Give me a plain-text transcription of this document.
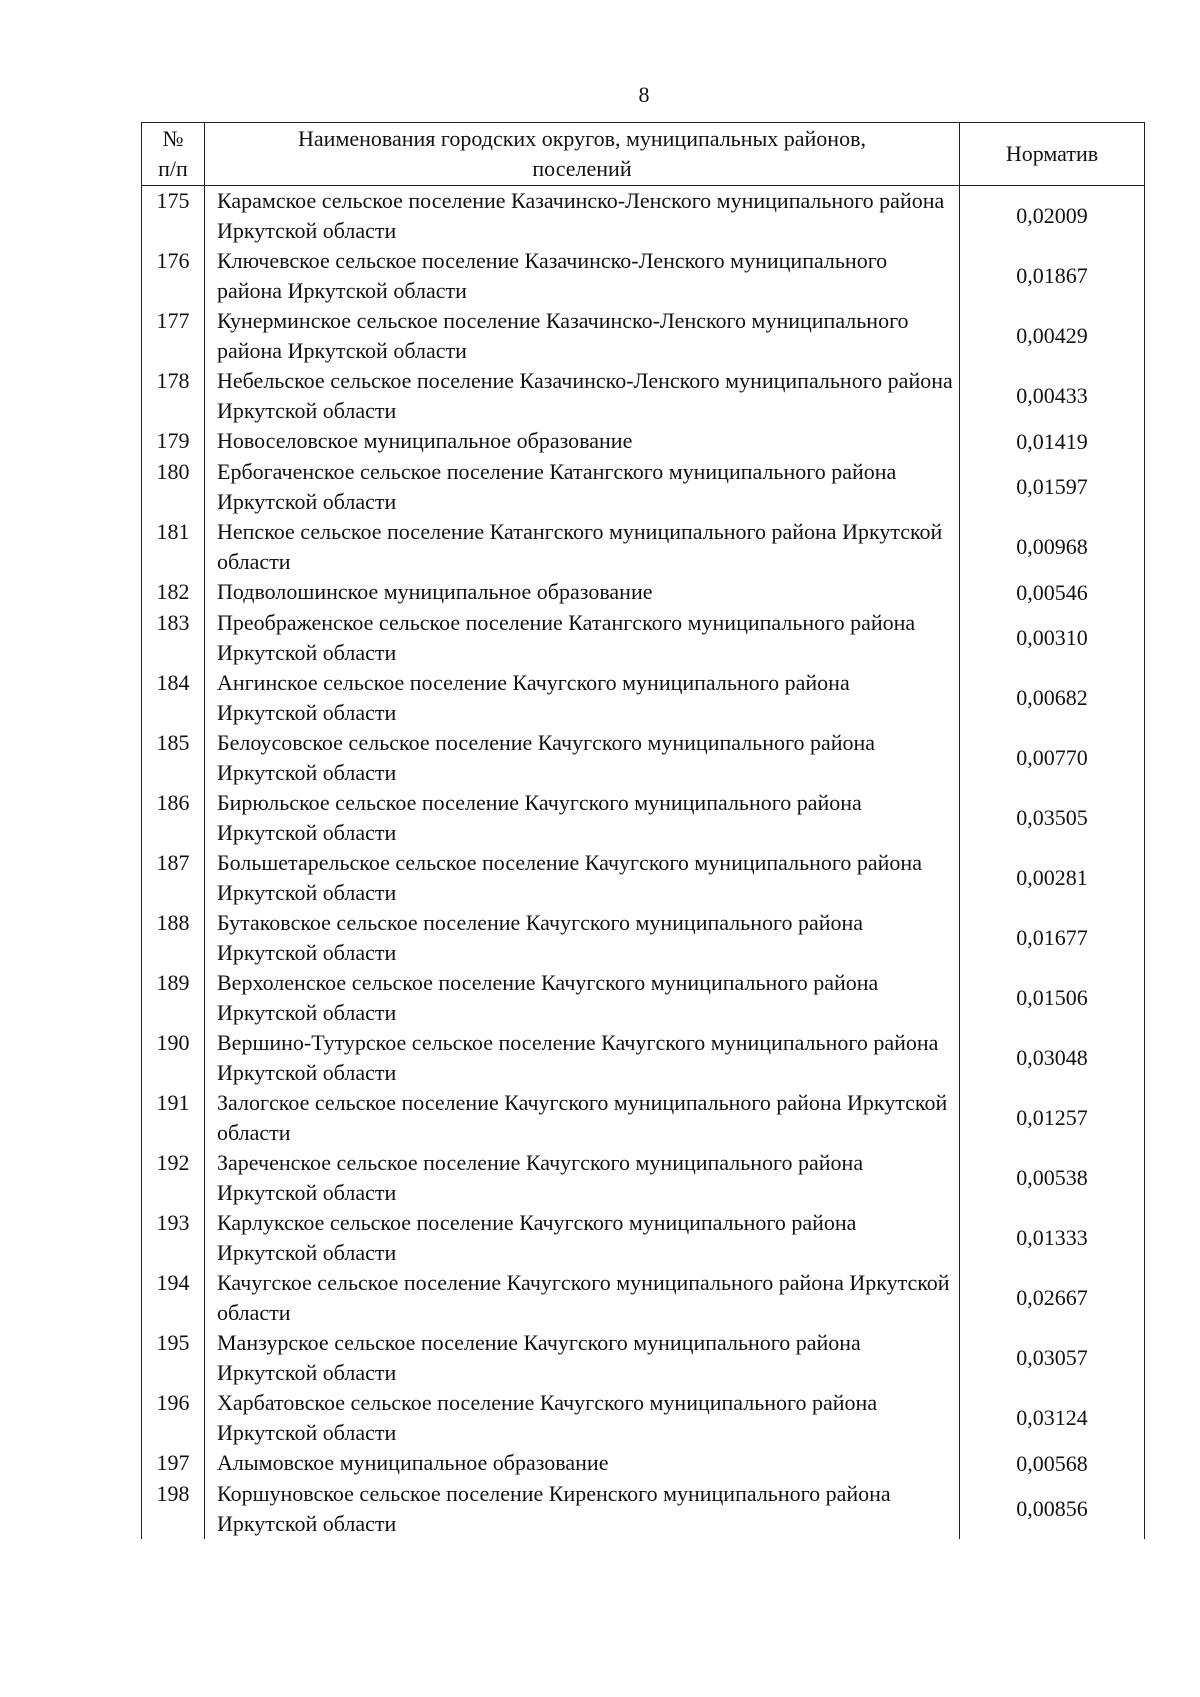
8
№
п/п	Наименования городских округов, муниципальных районов, поселений	Норматив
175	Карамское сельское поселение Казачинско-Ленского муниципального района Иркутской области	0,02009
176	Ключевское сельское поселение Казачинско-Ленского муниципального района Иркутской области	0,01867
177	Кунерминское сельское поселение Казачинско-Ленского муниципального района Иркутской области	0,00429
178	Небельское сельское поселение Казачинско-Ленского муниципального района Иркутской области	0,00433
179	Новоселовское муниципальное образование	0,01419
180	Ербогаченское сельское поселение Катангского муниципального района Иркутской области	0,01597
181	Непское сельское поселение Катангского муниципального района Иркутской области	0,00968
182	Подволошинское муниципальное образование	0,00546
183	Преображенское сельское поселение Катангского муниципального района Иркутской области	0,00310
184	Ангинское сельское поселение Качугского муниципального района Иркутской области	0,00682
185	Белоусовское сельское поселение Качугского муниципального района Иркутской области	0,00770
186	Бирюльское сельское поселение Качугского муниципального района Иркутской области	0,03505
187	Большетарельское сельское поселение Качугского муниципального района Иркутской области	0,00281
188	Бутаковское сельское поселение Качугского муниципального района Иркутской области	0,01677
189	Верхоленское сельское поселение Качугского муниципального района Иркутской области	0,01506
190	Вершино-Тутурское сельское поселение Качугского муниципального района Иркутской области	0,03048
191	Залогское сельское поселение Качугского муниципального района Иркутской области	0,01257
192	Зареченское сельское поселение Качугского муниципального района Иркутской области	0,00538
193	Карлукское сельское поселение Качугского муниципального района Иркутской области	0,01333
194	Качугское сельское поселение Качугского муниципального района Иркутской области	0,02667
195	Манзурское сельское поселение Качугского муниципального района Иркутской области	0,03057
196	Харбатовское сельское поселение Качугского муниципального района Иркутской области	0,03124
197	Алымовское муниципальное образование	0,00568
198	Коршуновское сельское поселение Киренского муниципального района Иркутской области	0,00856
